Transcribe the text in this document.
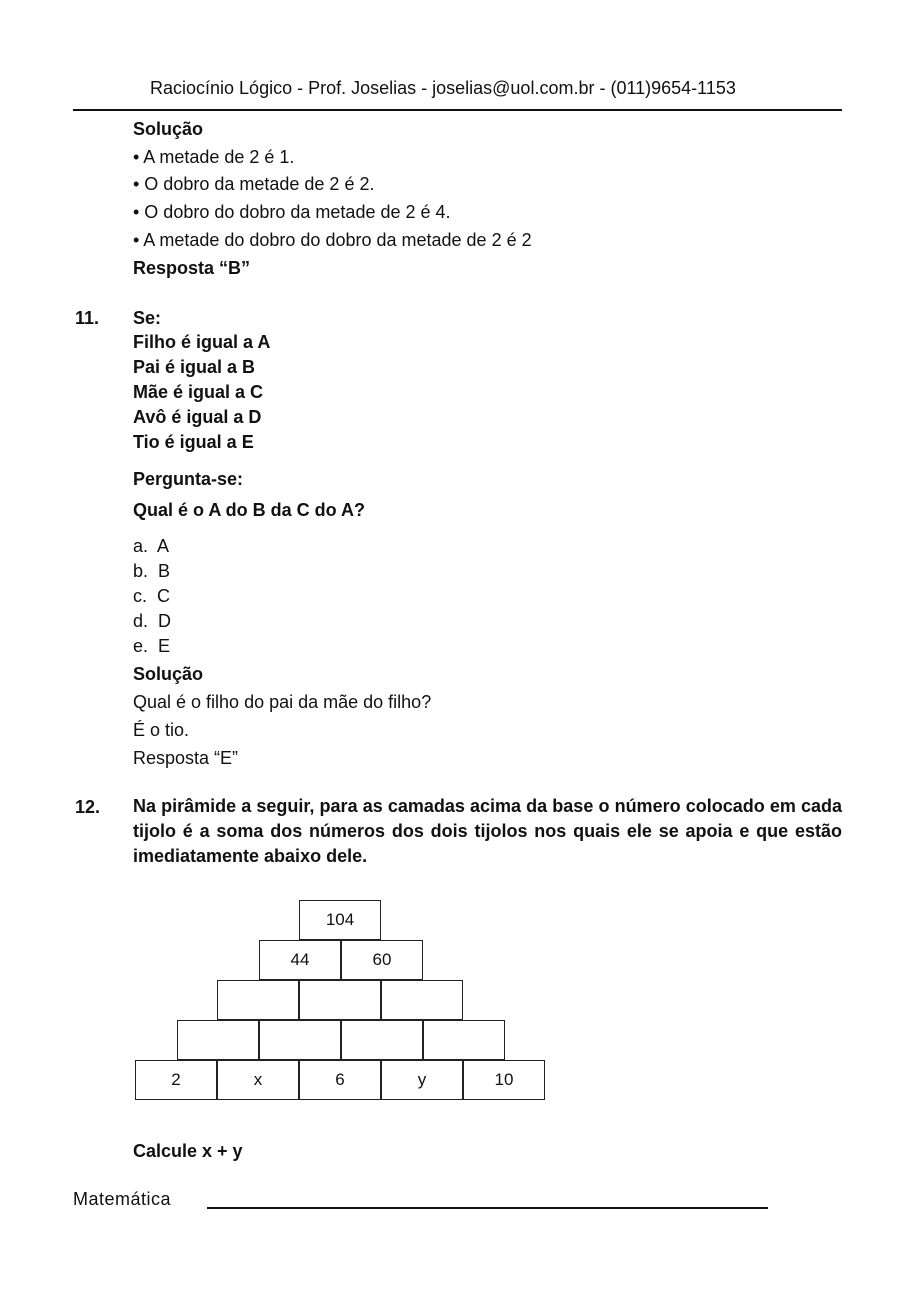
Raciocínio Lógico - Prof. Joselias - joselias@uol.com.br - (011)9654-1153
Solução
• A metade de 2 é 1.
• O dobro da metade de 2 é 2.
• O dobro do dobro da metade de 2 é 4.
• A metade do dobro do dobro da metade de 2 é 2
Resposta “B”
11. Se:
Filho é igual a A
Pai é igual a B
Mãe é igual a C
Avô é igual a D
Tio é igual a E
Pergunta-se:
Qual é o A do B da C do A?
a.  A
b.  B
c.  C
d.  D
e.  E
Solução
Qual é o filho do pai da mãe do filho?
É o tio.
Resposta “E”
12. Na pirâmide a seguir, para as camadas acima da base o número colocado em cada tijolo é a soma dos números dos dois tijolos nos quais ele se apoia e que estão imediatamente abaixo dele.
104
44	60
2	x	6	y	10
Calcule x + y
Matemática
